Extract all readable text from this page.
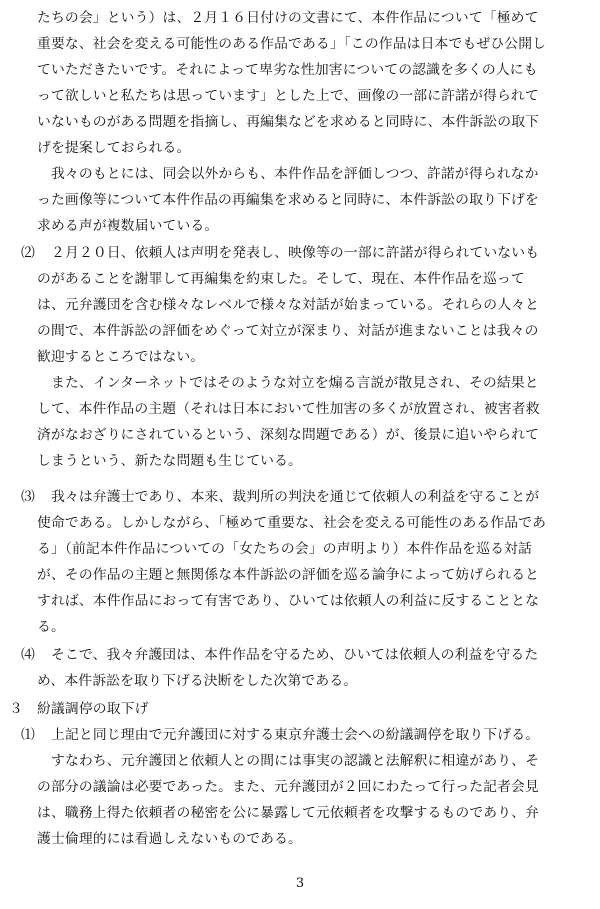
たちの会」という）は、２月１６日付けの文書にて、本件作品について「極めて
重要な、社会を変える可能性のある作品である」「この作品は日本でもぜひ公開し
ていただきたいです。それによって卑劣な性加害についての認識を多くの人にも
って欲しいと私たちは思っています」とした上で、画像の一部に許諾が得られて
いないものがある問題を指摘し、再編集などを求めると同時に、本件訴訟の取下
げを提案しておられる。
我々のもとには、同会以外からも、本件作品を評価しつつ、許諾が得られなか
った画像等について本件作品の再編集を求めると同時に、本件訴訟の取り下げを
求める声が複数届いている。
⑵ ２月２０日、依頼人は声明を発表し、映像等の一部に許諾が得られていないも
のがあることを謝罪して再編集を約束した。そして、現在、本件作品を巡って
は、元弁護団を含む様々なレベルで様々な対話が始まっている。それらの人々と
の間で、本件訴訟の評価をめぐって対立が深まり、対話が進まないことは我々の
歓迎するところではない。
また、インターネットではそのような対立を煽る言説が散見され、その結果と
して、本件作品の主題（それは日本において性加害の多くが放置され、被害者救
済がなおざりにされているという、深刻な問題である）が、後景に追いやられて
しまうという、新たな問題も生じている。
⑶ 我々は弁護士であり、本来、裁判所の判決を通じて依頼人の利益を守ることが
使命である。しかしながら、「極めて重要な、社会を変える可能性のある作品であ
る」（前記本件作品についての「女たちの会」の声明より）本件作品を巡る対話
が、その作品の主題と無関係な本件訴訟の評価を巡る論争によって妨げられると
すれば、本件作品におって有害であり、ひいては依頼人の利益に反することとな
る。
⑷ そこで、我々弁護団は、本件作品を守るため、ひいては依頼人の利益を守るた
め、本件訴訟を取り下げる決断をした次第である。
３ 紛議調停の取下げ
⑴ 上記と同じ理由で元弁護団に対する東京弁護士会への紛議調停を取り下げる。
すなわち、元弁護団と依頼人との間には事実の認識と法解釈に相違があり、そ
の部分の議論は必要であった。また、元弁護団が２回にわたって行った記者会見
は、職務上得た依頼者の秘密を公に暴露して元依頼者を攻撃するものであり、弁
護士倫理的には看過しえないものである。
3
